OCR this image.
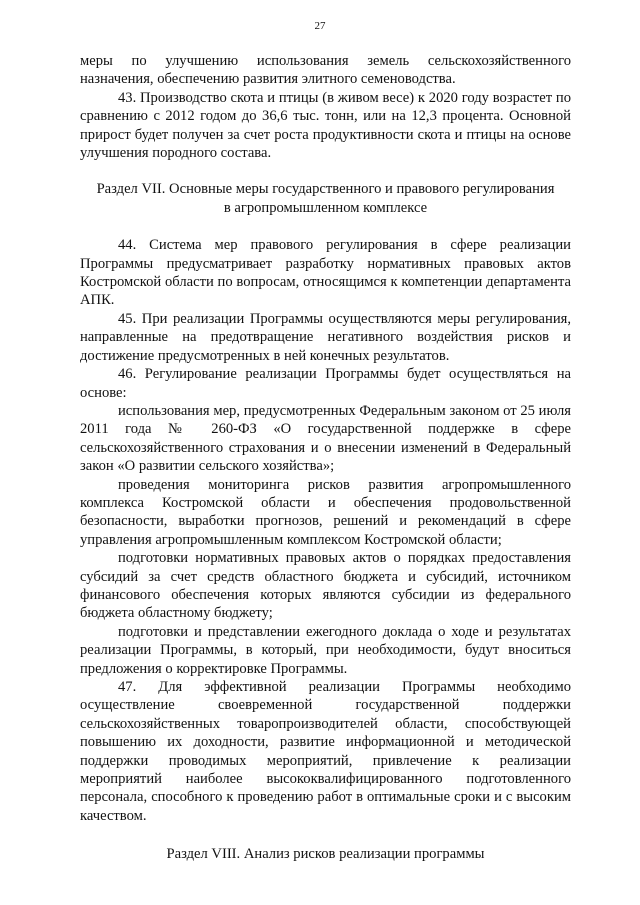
27

меры по улучшению использования земель сельскохозяйственного назначения, обеспечению развития элитного семеноводства.

43. Производство скота и птицы (в живом весе) к 2020 году возрастет по сравнению с 2012 годом до 36,6 тыс. тонн, или на 12,3 процента. Основной прирост будет получен за счет роста продуктивности скота и птицы на основе улучшения породного состава.

Раздел VII. Основные меры государственного и правового регулирования

в агропромышленном комплексе

44. Система мер правового регулирования в сфере реализации Программы предусматривает разработку нормативных правовых актов Костромской области по вопросам, относящимся к компетенции департамента АПК.

45. При реализации Программы осуществляются меры регулирования, направленные на предотвращение негативного воздействия рисков и достижение предусмотренных в ней конечных результатов.

46. Регулирование реализации Программы будет осуществляться на основе:

использования мер, предусмотренных Федеральным законом от 25 июля 2011 года № 260-ФЗ «О государственной поддержке в сфере сельскохозяйственного страхования и о внесении изменений в Федеральный закон «О развитии сельского хозяйства»;

проведения мониторинга рисков развития агропромышленного комплекса Костромской области и обеспечения продовольственной безопасности, выработки прогнозов, решений и рекомендаций в сфере управления агропромышленным комплексом Костромской области;

подготовки нормативных правовых актов о порядках предоставления субсидий за счет средств областного бюджета и субсидий, источником финансового обеспечения которых являются субсидии из федерального бюджета областному бюджету;

подготовки и представлении ежегодного доклада о ходе и результатах реализации Программы, в который, при необходимости, будут вноситься предложения о корректировке Программы.

47. Для эффективной реализации Программы необходимо осуществление своевременной государственной поддержки сельскохозяйственных товаропроизводителей области, способствующей повышению их доходности, развитие информационной и методической поддержки проводимых мероприятий, привлечение к реализации мероприятий наиболее высококвалифицированного подготовленного персонала, способного к проведению работ в оптимальные сроки и с высоким качеством.

Раздел VIII. Анализ рисков реализации программы
